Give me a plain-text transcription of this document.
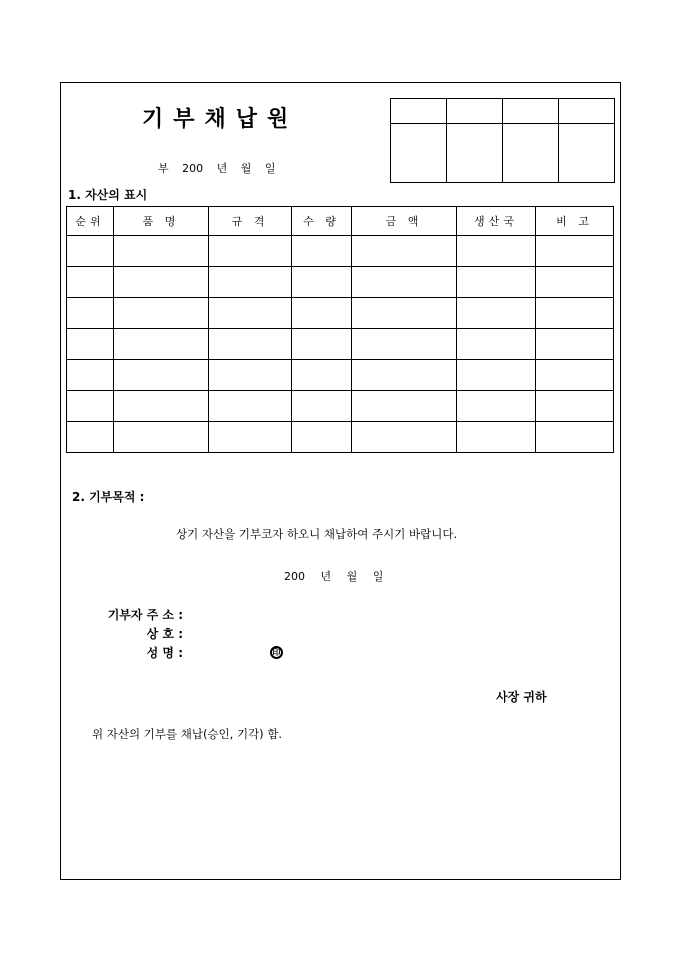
기부채납원
부 200 년 월 일

1. 자산의 표시
순위	품 명	규 격	수 량	금 액	생산국	비 고

2. 기부목적 :
상기 자산을 기부코자 하오니 채납하여 주시기 바랍니다.
200 년 월 일
기부자 주 소 :
상 호 :
성 명 :	印
사장 귀하
위 자산의 기부를 채납(승인, 기각) 함.
